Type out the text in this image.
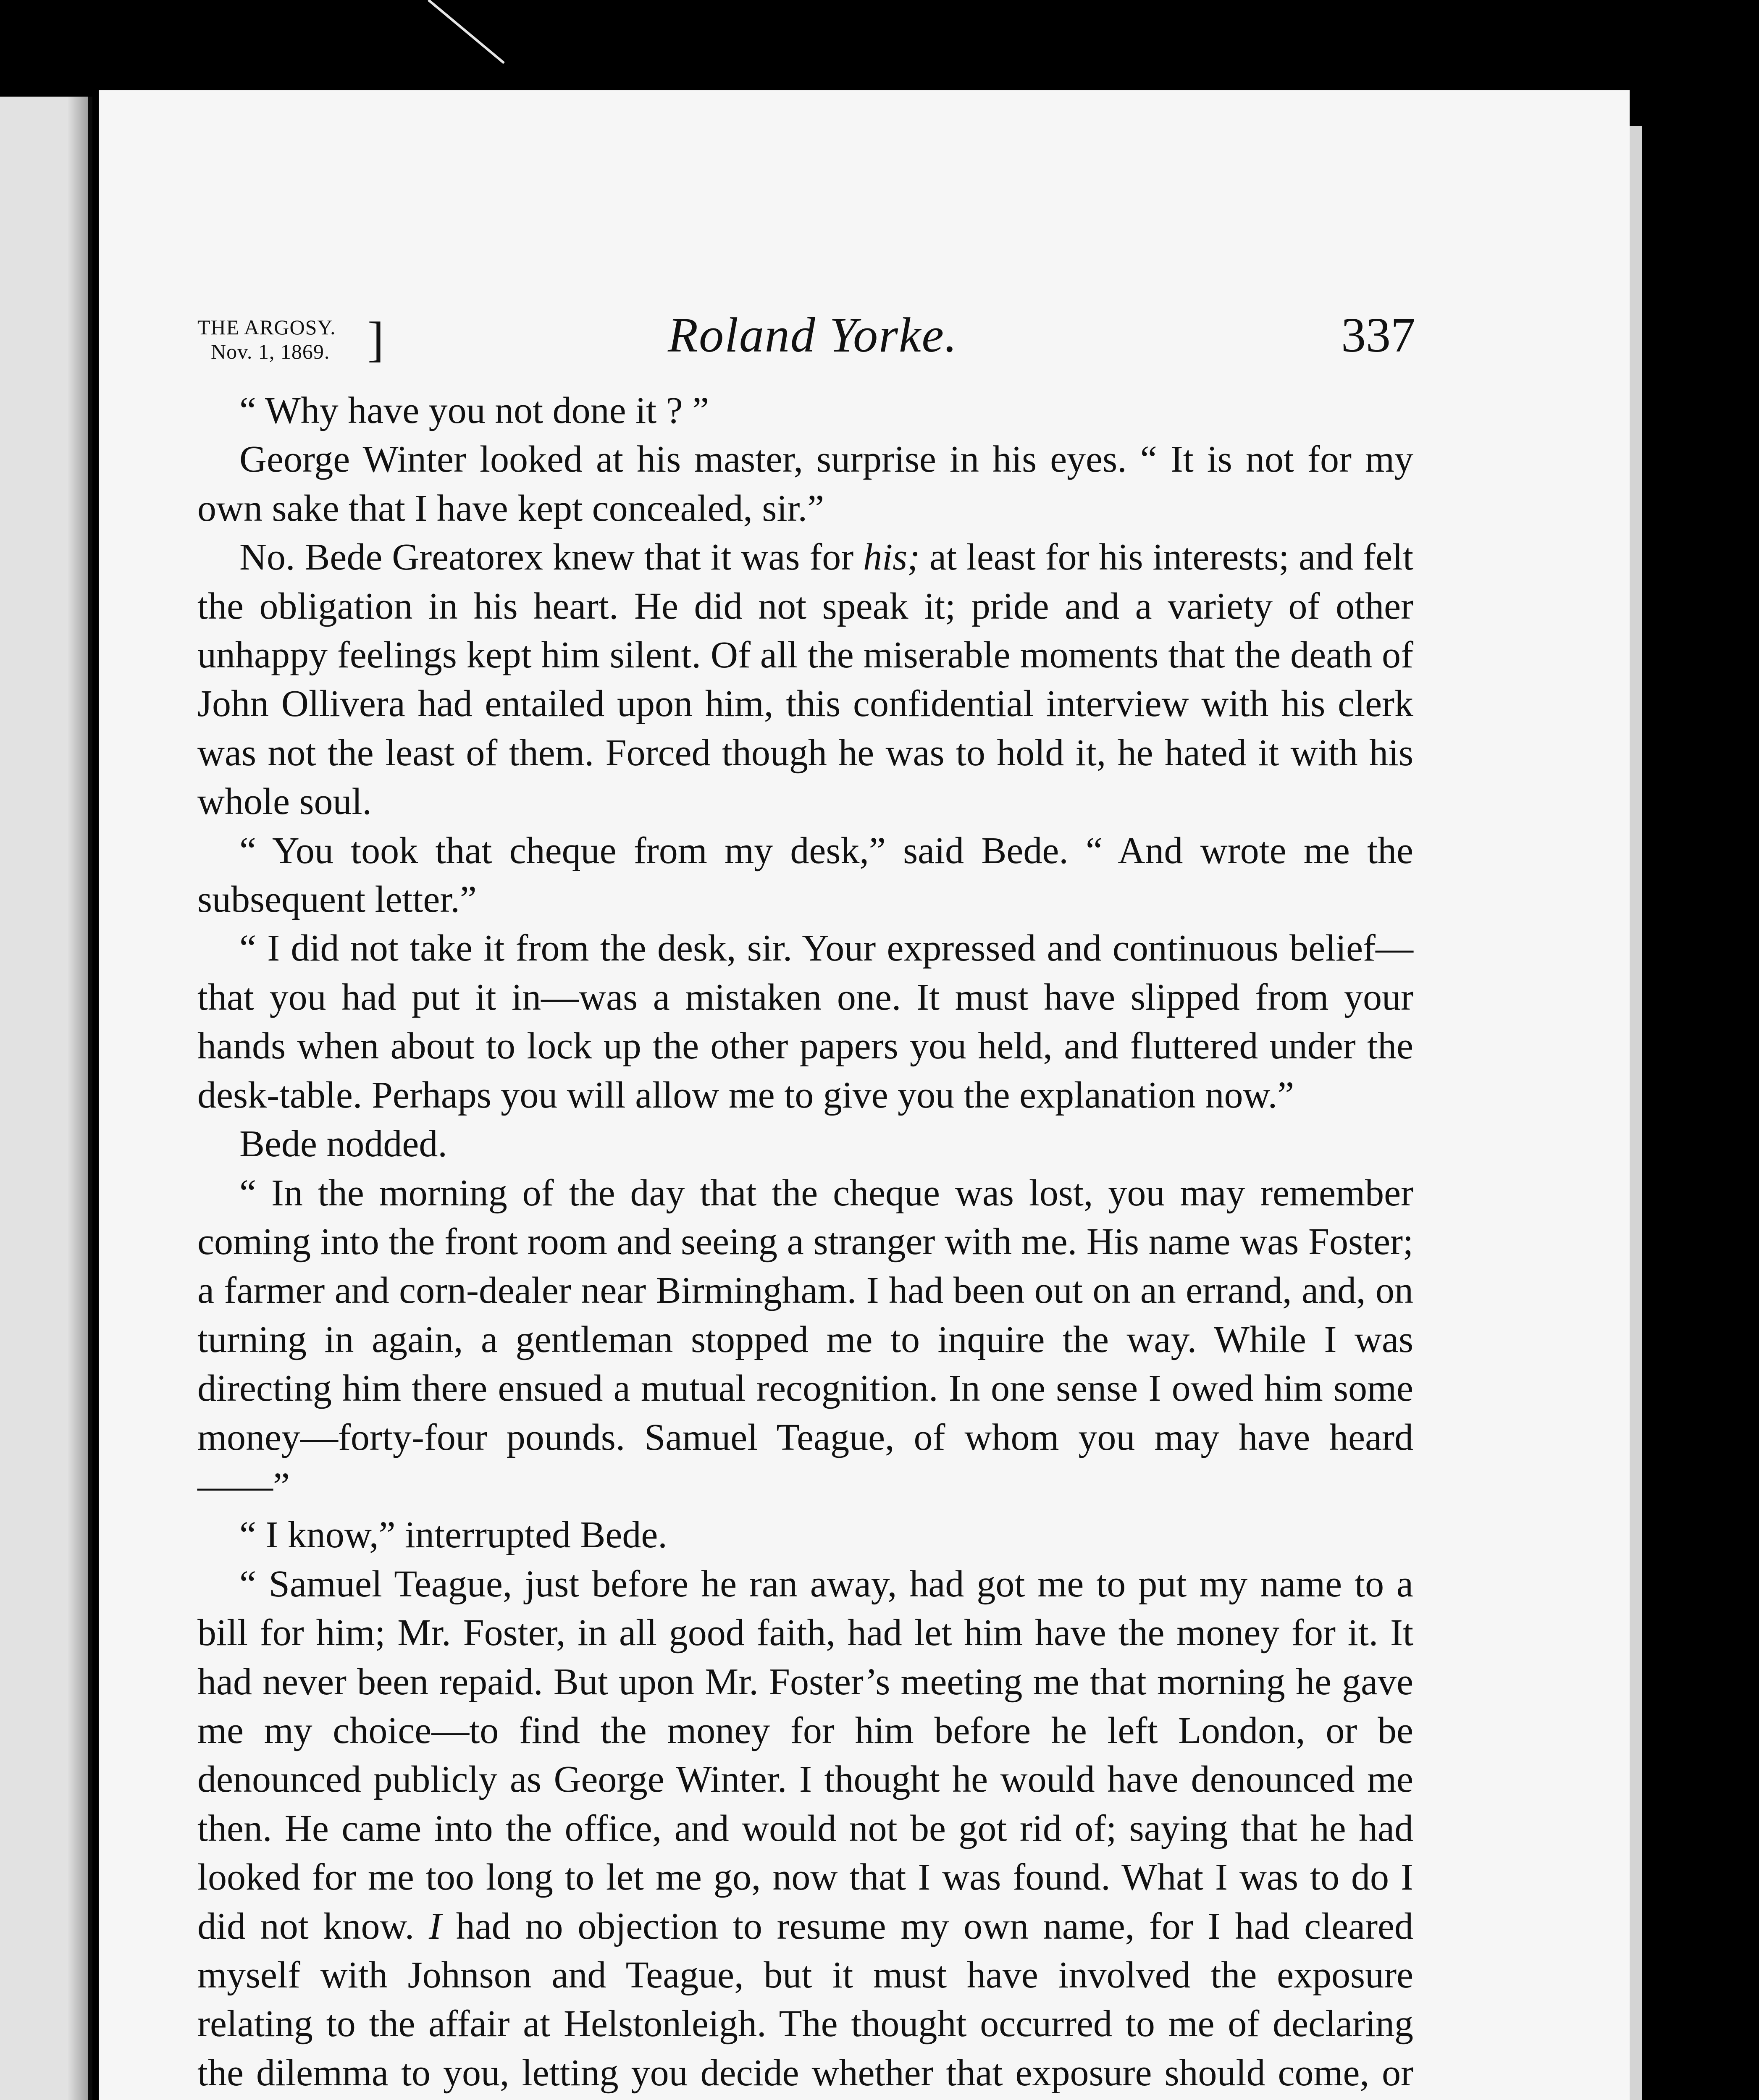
THE ARGOSY.
Nov. 1, 1869. ]	Roland Yorke.	337

“ Why have you not done it ? ”

George Winter looked at his master, surprise in his eyes. “ It is not for my own sake that I have kept concealed, sir.”

No. Bede Greatorex knew that it was for his; at least for his interests; and felt the obligation in his heart. He did not speak it; pride and a variety of other unhappy feelings kept him silent. Of all the miserable moments that the death of John Ollivera had entailed upon him, this confidential interview with his clerk was not the least of them. Forced though he was to hold it, he hated it with his whole soul.

“ You took that cheque from my desk,” said Bede. “ And wrote me the subsequent letter.”

“ I did not take it from the desk, sir. Your expressed and continuous belief—that you had put it in—was a mistaken one. It must have slipped from your hands when about to lock up the other papers you held, and fluttered under the desk-table. Perhaps you will allow me to give you the explanation now.”

Bede nodded.

“ In the morning of the day that the cheque was lost, you may remember coming into the front room and seeing a stranger with me. His name was Foster; a farmer and corn-dealer near Birmingham. I had been out on an errand, and, on turning in again, a gentleman stopped me to inquire the way. While I was directing him there ensued a mutual recognition. In one sense I owed him some money—forty-four pounds. Samuel Teague, of whom you may have heard——”

“ I know,” interrupted Bede.

“ Samuel Teague, just before he ran away, had got me to put my name to a bill for him; Mr. Foster, in all good faith, had let him have the money for it. It had never been repaid. But upon Mr. Foster’s meeting me that morning he gave me my choice—to find the money for him before he left London, or be denounced publicly as George Winter. I thought he would have denounced me then. He came into the office, and would not be got rid of; saying that he had looked for me too long to let me go, now that I was found. What I was to do I did not know. I had no objection to resume my own name, for I had cleared myself with Johnson and Teague, but it must have involved the exposure relating to the affair at Helstonleigh. The thought occurred to me of declaring the dilemma to you, letting you decide whether that exposure should come, or
